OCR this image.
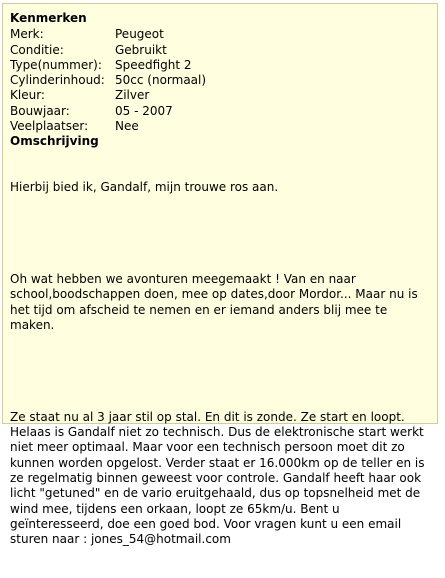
Kenmerken
Merk:	Peugeot
Conditie:	Gebruikt
Type(nummer):	Speedfight 2
Cylinderinhoud:	50cc (normaal)
Kleur:	Zilver
Bouwjaar:	05 - 2007
Veelplaatser:	Nee
Omschrijving

Hierbij bied ik, Gandalf, mijn trouwe ros aan.

Oh wat hebben we avonturen meegemaakt ! Van en naar school,boodschappen doen, mee op dates,door Mordor... Maar nu is het tijd om afscheid te nemen en er iemand anders blij mee te maken.

Ze staat nu al 3 jaar stil op stal. En dit is zonde. Ze start en loopt. Helaas is Gandalf niet zo technisch. Dus de elektronische start werkt niet meer optimaal. Maar voor een technisch persoon moet dit zo kunnen worden opgelost. Verder staat er 16.000km op de teller en is ze regelmatig binnen geweest voor controle. Gandalf heeft haar ook licht "getuned" en de vario eruitgehaald, dus op topsnelheid met de wind mee, tijdens een orkaan, loopt ze 65km/u. Bent u geïnteresseerd, doe een goed bod. Voor vragen kunt u een email sturen naar : jones_54@hotmail.com
